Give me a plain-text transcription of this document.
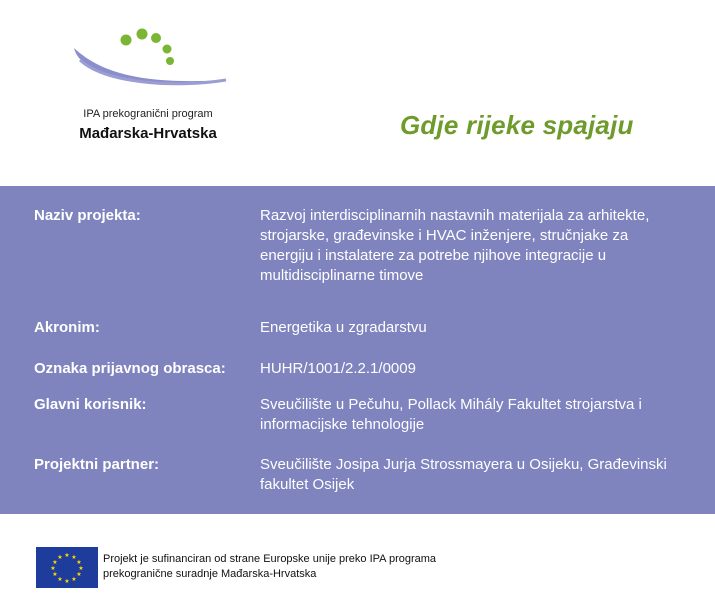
IPA prekogranični program
Mađarska-Hrvatska	Gdje rijeke spajaju
Naziv projekta:	Razvoj interdisciplinarnih nastavnih materijala za arhitekte, strojarske, građevinske i HVAC inženjere, stručnjake za energiju i instalatere za potrebe njihove integracije u multidisciplinarne timove
Akronim:	Energetika u zgradarstvu
Oznaka prijavnog obrasca: HUHR/1001/2.2.1/0009
Glavni korisnik:	Sveučilište u Pečuhu, Pollack Mihály Fakultet strojarstva i informacijske tehnologije
Projektni partner:	Sveučilište Josipa Jurja Strossmayera u Osijeku, Građevinski fakultet Osijek
★ ★
★
★
★
★
★
★
★
★
★
★	Projekt je sufinanciran od strane Europske unije preko IPA programa
prekogranične suradnje Mađarska-Hrvatska
